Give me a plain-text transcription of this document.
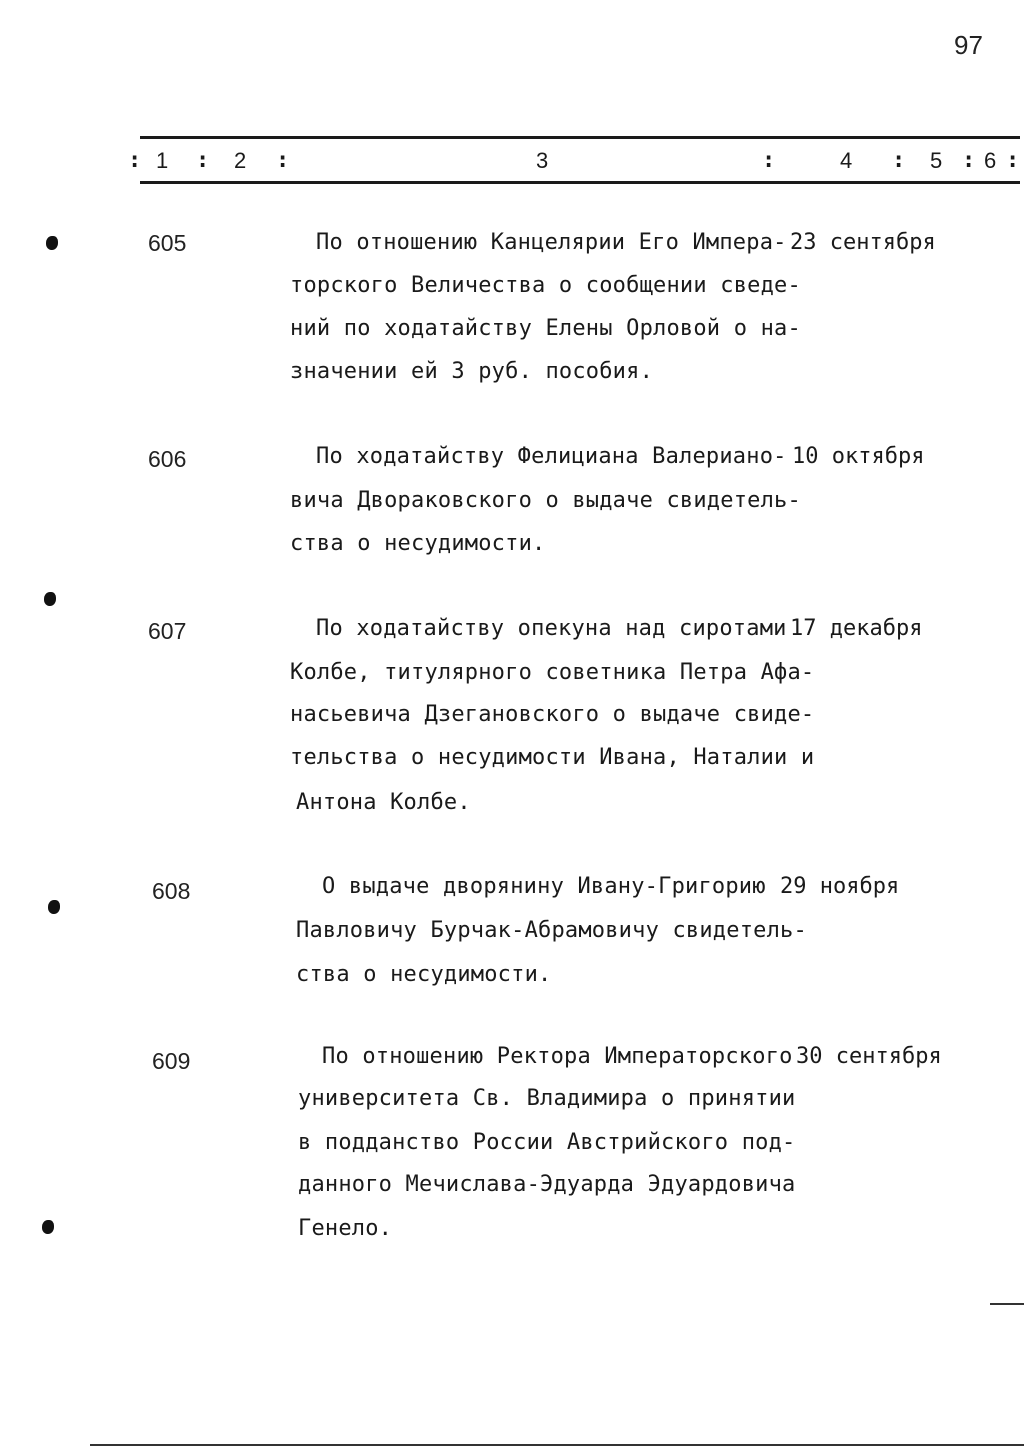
97
: 1 : 2 :	3	:	4 : 5 : 6 :
605	По отношению Канцелярии Его Импера-
торского Величества о сообщении сведе-
ний по ходатайству Елены Орловой о на-
значении ей 3 руб. пособия.
23 сентября
606	По ходатайству Фелициана Валериано-
вича Двораковского о выдаче свидетель-
ства о несудимости.
10 октября
607	По ходатайству опекуна над сиротами
Колбе, титулярного советника Петра Афа-
насьевича Дзегановского о выдаче свиде-
тельства о несудимости Ивана, Наталии и
Антона Колбе.
17 декабря
608	О выдаче дворянину Ивану-Григорию
Павловичу Бурчак-Абрамовичу свидетель-
ства о несудимости.
29 ноября
609	По отношению Ректора Императорского
университета Св. Владимира о принятии
в подданство России Австрийского под-
данного Мечислава-Эдуарда Эдуардовича
Генело.
30 сентября
